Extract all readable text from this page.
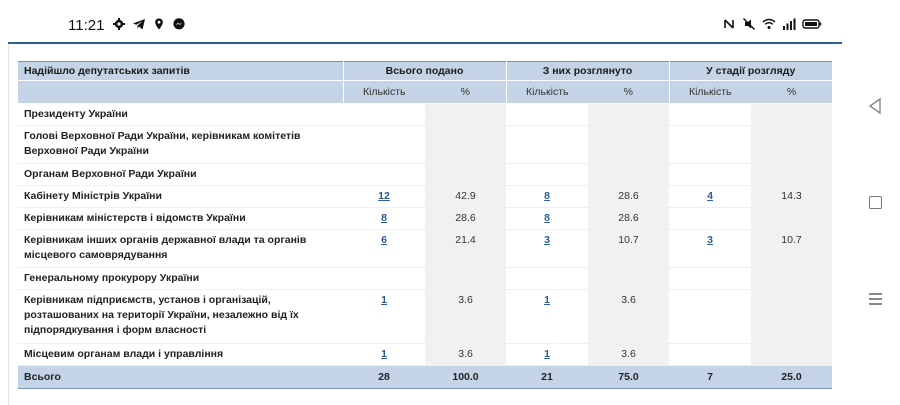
11:21
Надійшло депутатських запитів	Всього подано		З них розглянуто		У стадії розгляду	
	Кількість	%	Кількість	%	Кількість	%
Президенту України						
Голові Верховної Ради України, керівникам комітетів Верховної Ради України						
Органам Верховної Ради України						
Кабінету Міністрів України	12	42.9	8	28.6	4	14.3
Керівникам міністерств і відомств України	8	28.6	8	28.6		
Керівникам інших органів державної влади та органів місцевого самоврядування	6	21.4	3	10.7	3	10.7
Генеральному прокурору України						
Керівникам підприємств, установ і організацій, розташованих на території України, незалежно від їх підпорядкування і форм власності	1	3.6	1	3.6		
Місцевим органам влади і управління	1	3.6	1	3.6		
Всього	28	100.0	21	75.0	7	25.0
